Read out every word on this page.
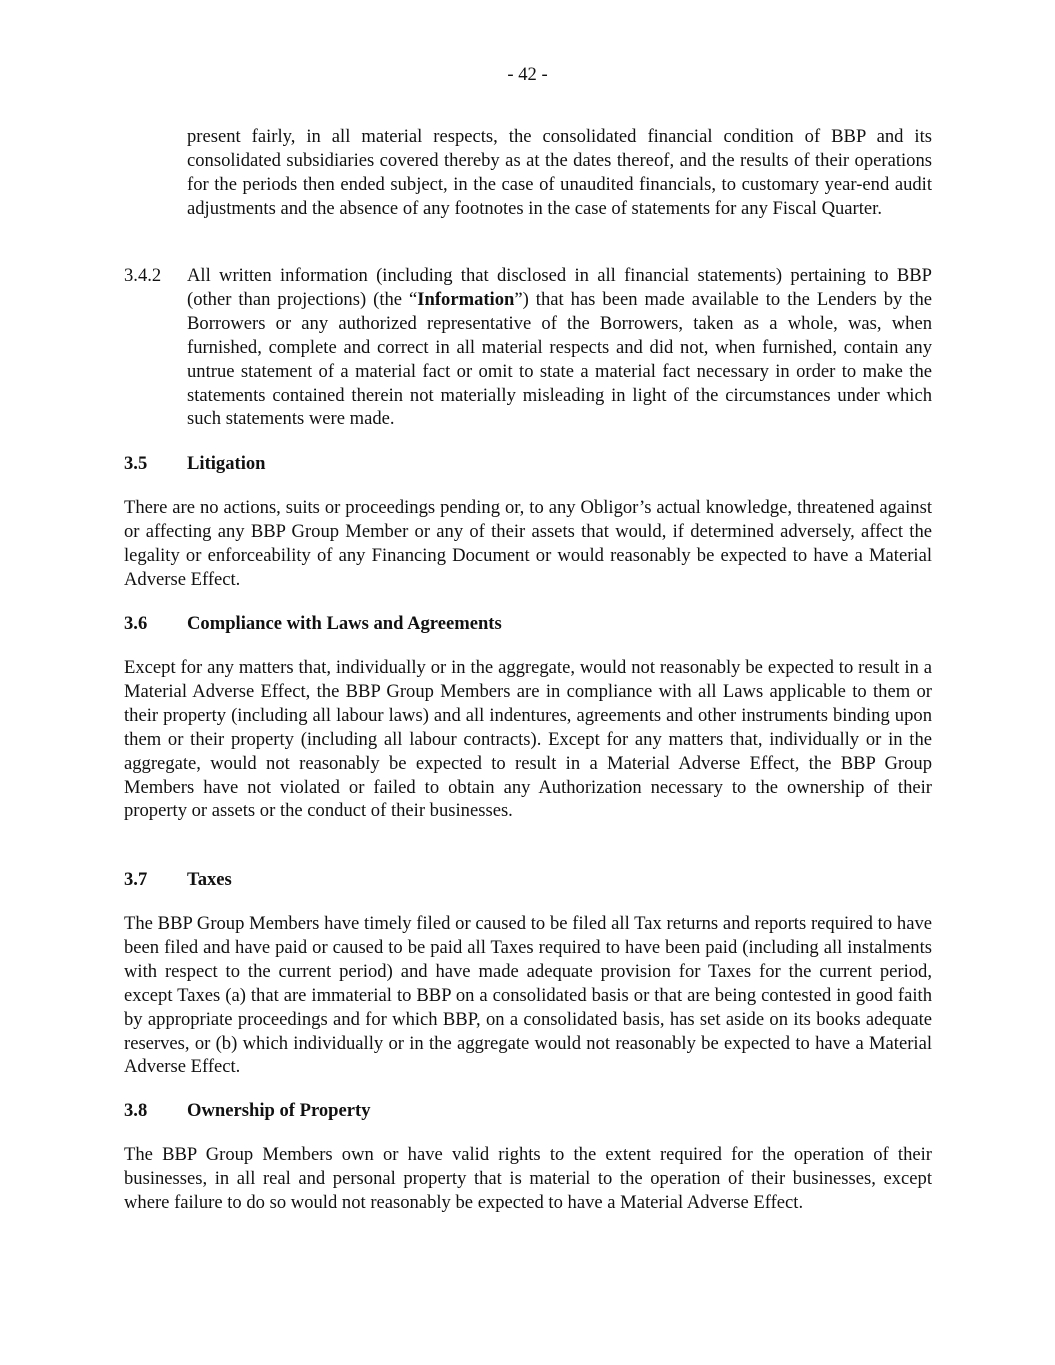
- 42 -

present fairly, in all material respects, the consolidated financial condition of BBP and its consolidated subsidiaries covered thereby as at the dates thereof, and the results of their operations for the periods then ended subject, in the case of unaudited financials, to customary year-end audit adjustments and the absence of any footnotes in the case of statements for any Fiscal Quarter.

3.4.2 All written information (including that disclosed in all financial statements) pertaining to BBP (other than projections) (the “Information”) that has been made available to the Lenders by the Borrowers or any authorized representative of the Borrowers, taken as a whole, was, when furnished, complete and correct in all material respects and did not, when furnished, contain any untrue statement of a material fact or omit to state a material fact necessary in order to make the statements contained therein not materially misleading in light of the circumstances under which such statements were made.

3.5 Litigation

There are no actions, suits or proceedings pending or, to any Obligor’s actual knowledge, threatened against or affecting any BBP Group Member or any of their assets that would, if determined adversely, affect the legality or enforceability of any Financing Document or would reasonably be expected to have a Material Adverse Effect.

3.6 Compliance with Laws and Agreements

Except for any matters that, individually or in the aggregate, would not reasonably be expected to result in a Material Adverse Effect, the BBP Group Members are in compliance with all Laws applicable to them or their property (including all labour laws) and all indentures, agreements and other instruments binding upon them or their property (including all labour contracts). Except for any matters that, individually or in the aggregate, would not reasonably be expected to result in a Material Adverse Effect, the BBP Group Members have not violated or failed to obtain any Authorization necessary to the ownership of their property or assets or the conduct of their businesses.

3.7 Taxes

The BBP Group Members have timely filed or caused to be filed all Tax returns and reports required to have been filed and have paid or caused to be paid all Taxes required to have been paid (including all instalments with respect to the current period) and have made adequate provision for Taxes for the current period, except Taxes (a) that are immaterial to BBP on a consolidated basis or that are being contested in good faith by appropriate proceedings and for which BBP, on a consolidated basis, has set aside on its books adequate reserves, or (b) which individually or in the aggregate would not reasonably be expected to have a Material Adverse Effect.

3.8 Ownership of Property

The BBP Group Members own or have valid rights to the extent required for the operation of their businesses, in all real and personal property that is material to the operation of their businesses, except where failure to do so would not reasonably be expected to have a Material Adverse Effect.
